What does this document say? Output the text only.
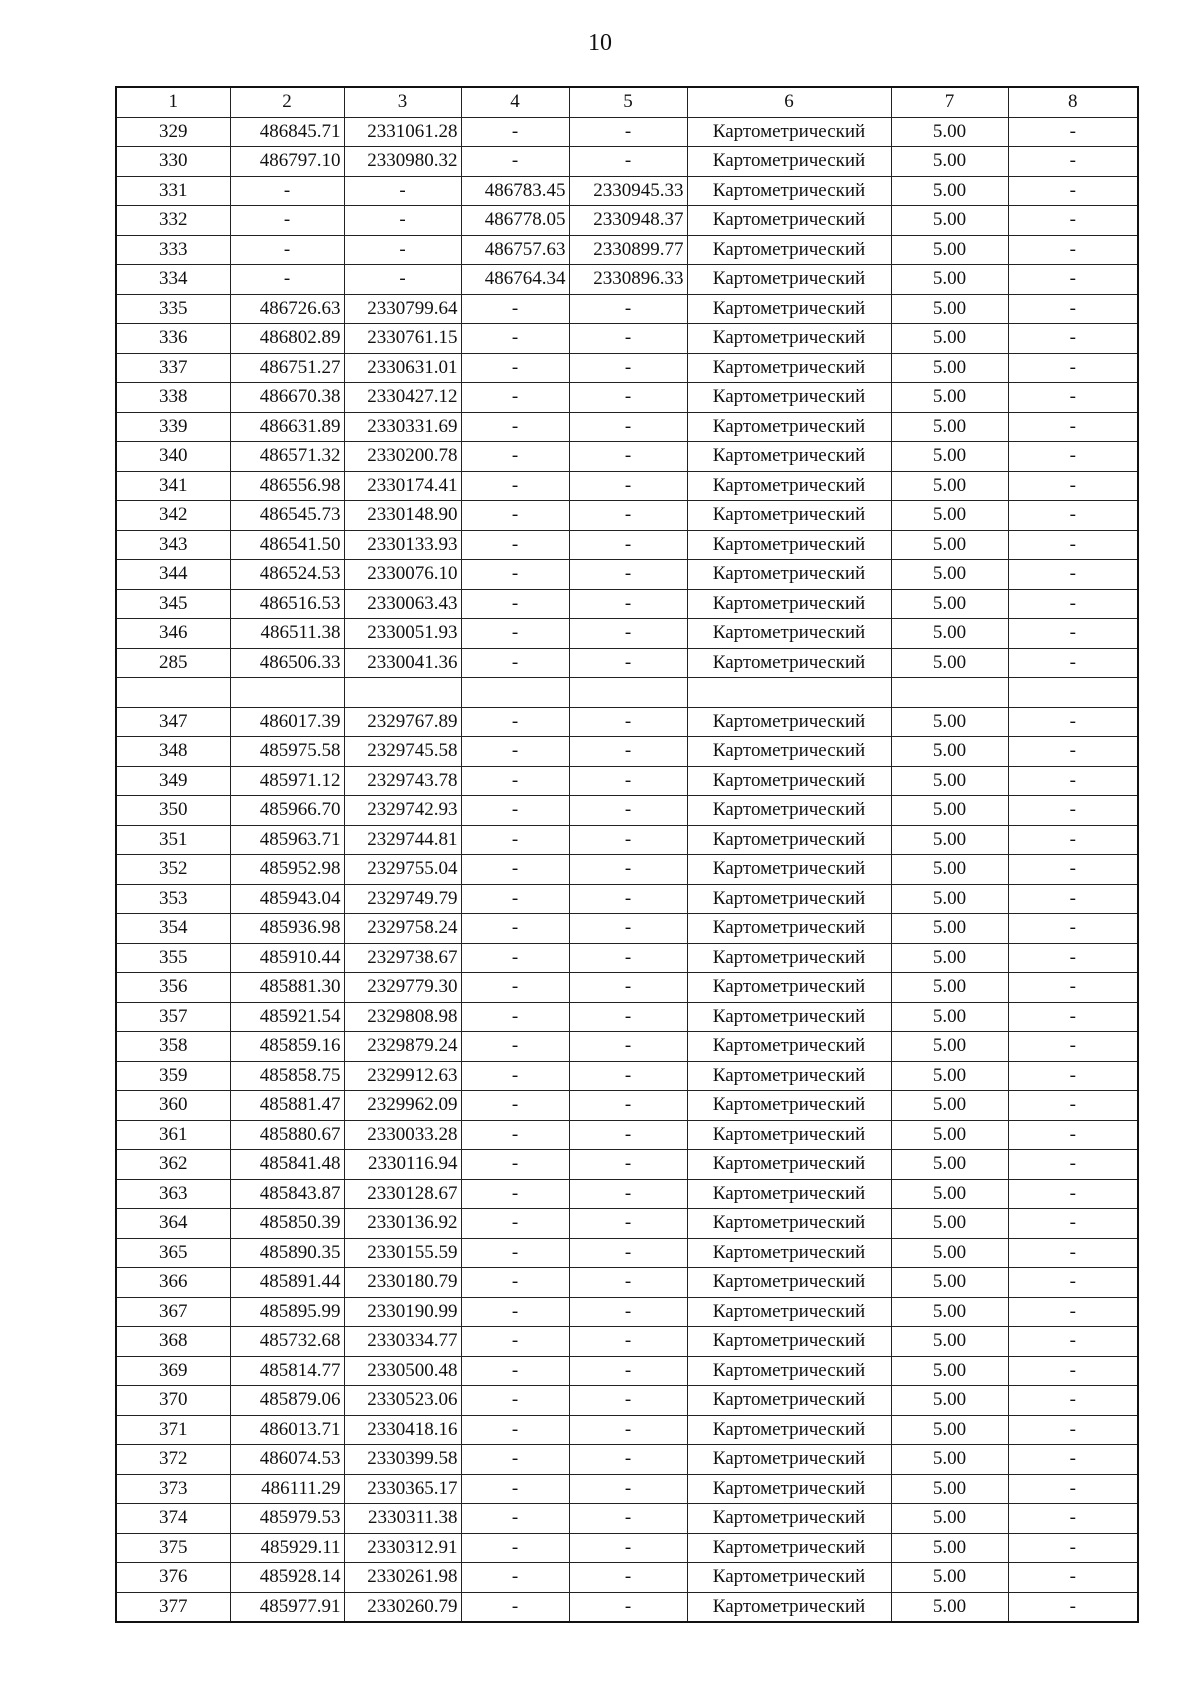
10
1	2	3	4	5	6	7	8
329	486845.71	2331061.28	-	-	Картометрический	5.00	-
330	486797.10	2330980.32	-	-	Картометрический	5.00	-
331	-	-	486783.45	2330945.33	Картометрический	5.00	-
332	-	-	486778.05	2330948.37	Картометрический	5.00	-
333	-	-	486757.63	2330899.77	Картометрический	5.00	-
334	-	-	486764.34	2330896.33	Картометрический	5.00	-
335	486726.63	2330799.64	-	-	Картометрический	5.00	-
336	486802.89	2330761.15	-	-	Картометрический	5.00	-
337	486751.27	2330631.01	-	-	Картометрический	5.00	-
338	486670.38	2330427.12	-	-	Картометрический	5.00	-
339	486631.89	2330331.69	-	-	Картометрический	5.00	-
340	486571.32	2330200.78	-	-	Картометрический	5.00	-
341	486556.98	2330174.41	-	-	Картометрический	5.00	-
342	486545.73	2330148.90	-	-	Картометрический	5.00	-
343	486541.50	2330133.93	-	-	Картометрический	5.00	-
344	486524.53	2330076.10	-	-	Картометрический	5.00	-
345	486516.53	2330063.43	-	-	Картометрический	5.00	-
346	486511.38	2330051.93	-	-	Картометрический	5.00	-
285	486506.33	2330041.36	-	-	Картометрический	5.00	-

347	486017.39	2329767.89	-	-	Картометрический	5.00	-
348	485975.58	2329745.58	-	-	Картометрический	5.00	-
349	485971.12	2329743.78	-	-	Картометрический	5.00	-
350	485966.70	2329742.93	-	-	Картометрический	5.00	-
351	485963.71	2329744.81	-	-	Картометрический	5.00	-
352	485952.98	2329755.04	-	-	Картометрический	5.00	-
353	485943.04	2329749.79	-	-	Картометрический	5.00	-
354	485936.98	2329758.24	-	-	Картометрический	5.00	-
355	485910.44	2329738.67	-	-	Картометрический	5.00	-
356	485881.30	2329779.30	-	-	Картометрический	5.00	-
357	485921.54	2329808.98	-	-	Картометрический	5.00	-
358	485859.16	2329879.24	-	-	Картометрический	5.00	-
359	485858.75	2329912.63	-	-	Картометрический	5.00	-
360	485881.47	2329962.09	-	-	Картометрический	5.00	-
361	485880.67	2330033.28	-	-	Картометрический	5.00	-
362	485841.48	2330116.94	-	-	Картометрический	5.00	-
363	485843.87	2330128.67	-	-	Картометрический	5.00	-
364	485850.39	2330136.92	-	-	Картометрический	5.00	-
365	485890.35	2330155.59	-	-	Картометрический	5.00	-
366	485891.44	2330180.79	-	-	Картометрический	5.00	-
367	485895.99	2330190.99	-	-	Картометрический	5.00	-
368	485732.68	2330334.77	-	-	Картометрический	5.00	-
369	485814.77	2330500.48	-	-	Картометрический	5.00	-
370	485879.06	2330523.06	-	-	Картометрический	5.00	-
371	486013.71	2330418.16	-	-	Картометрический	5.00	-
372	486074.53	2330399.58	-	-	Картометрический	5.00	-
373	486111.29	2330365.17	-	-	Картометрический	5.00	-
374	485979.53	2330311.38	-	-	Картометрический	5.00	-
375	485929.11	2330312.91	-	-	Картометрический	5.00	-
376	485928.14	2330261.98	-	-	Картометрический	5.00	-
377	485977.91	2330260.79	-	-	Картометрический	5.00	-
